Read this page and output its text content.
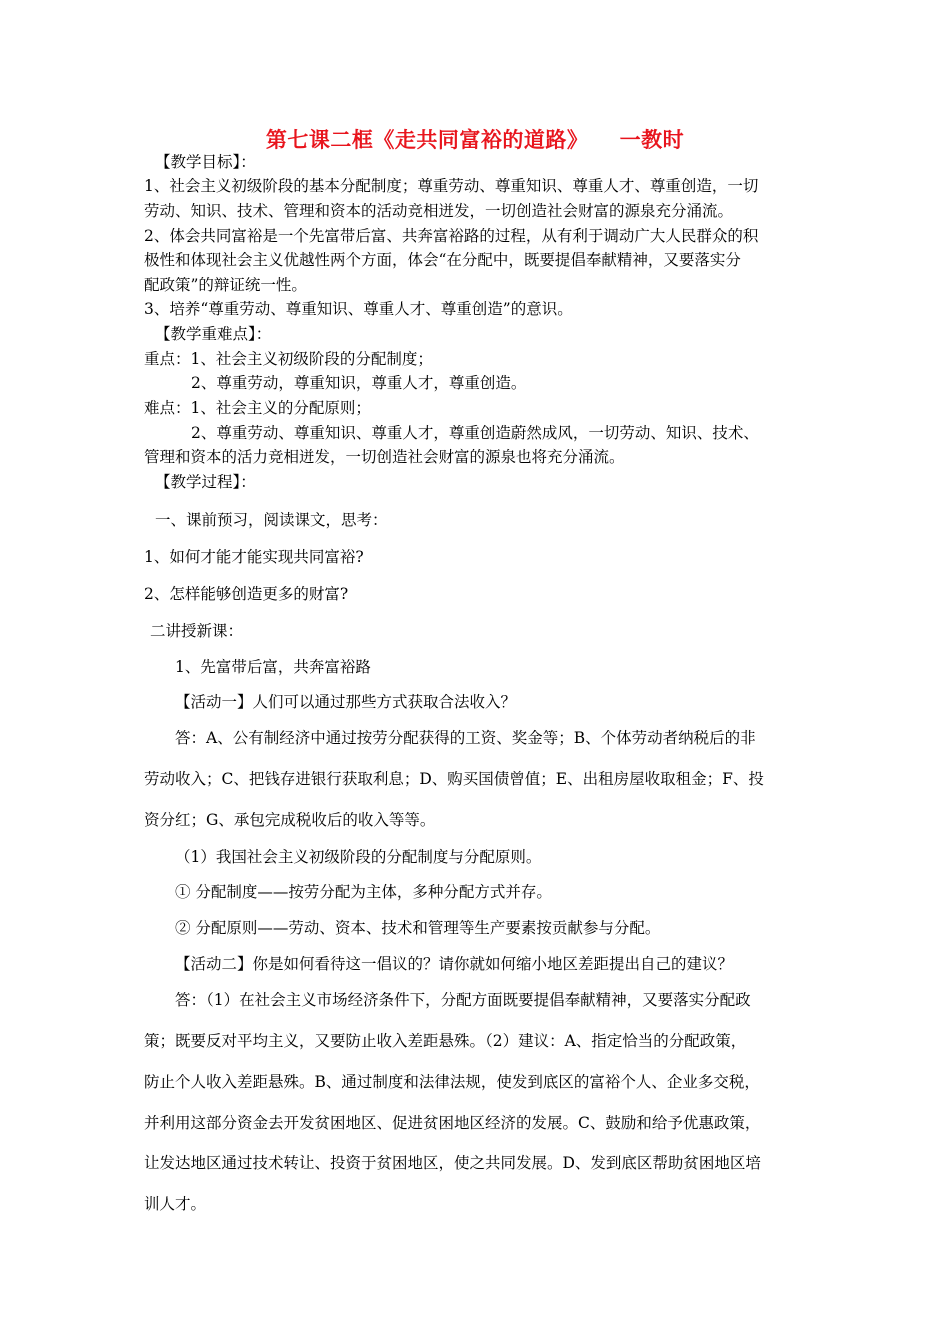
第七课二框《走共同富裕的道路》    一教时
【教学目标】：
1、社会主义初级阶段的基本分配制度；尊重劳动、尊重知识、尊重人才、尊重创造，一切
劳动、知识、技术、管理和资本的活动竞相迸发，一切创造社会财富的源泉充分涌流。
2、体会共同富裕是一个先富带后富、共奔富裕路的过程，从有利于调动广大人民群众的积
极性和体现社会主义优越性两个方面，体会“在分配中，既要提倡奉献精神，又要落实分
配政策”的辩证统一性。
3、培养“尊重劳动、尊重知识、尊重人才、尊重创造”的意识。
【教学重难点】：
重点：1、社会主义初级阶段的分配制度；
2、尊重劳动，尊重知识，尊重人才，尊重创造。
难点：1、社会主义的分配原则；
2、尊重劳动、尊重知识、尊重人才，尊重创造蔚然成风，一切劳动、知识、技术、
管理和资本的活力竞相迸发，一切创造社会财富的源泉也将充分涌流。
【教学过程】：
一、课前预习，阅读课文，思考：
1、如何才能才能实现共同富裕?
2、怎样能够创造更多的财富?
二讲授新课：
1、先富带后富，共奔富裕路
【活动一】人们可以通过那些方式获取合法收入？
答：A、公有制经济中通过按劳分配获得的工资、奖金等；B、个体劳动者纳税后的非
劳动收入；C、把钱存进银行获取利息；D、购买国债曾值；E、出租房屋收取租金；F、投
资分红；G、承包完成税收后的收入等等。
（1）我国社会主义初级阶段的分配制度与分配原则。
① 分配制度——按劳分配为主体，多种分配方式并存。
② 分配原则——劳动、资本、技术和管理等生产要素按贡献参与分配。
【活动二】你是如何看待这一倡议的？请你就如何缩小地区差距提出自己的建议？
答：（1）在社会主义市场经济条件下，分配方面既要提倡奉献精神，又要落实分配政
策；既要反对平均主义，又要防止收入差距悬殊。（2）建议：A、指定恰当的分配政策，
防止个人收入差距悬殊。B、通过制度和法律法规，使发到底区的富裕个人、企业多交税，
并利用这部分资金去开发贫困地区、促进贫困地区经济的发展。C、鼓励和给予优惠政策，
让发达地区通过技术转让、投资于贫困地区，使之共同发展。D、发到底区帮助贫困地区培
训人才。
